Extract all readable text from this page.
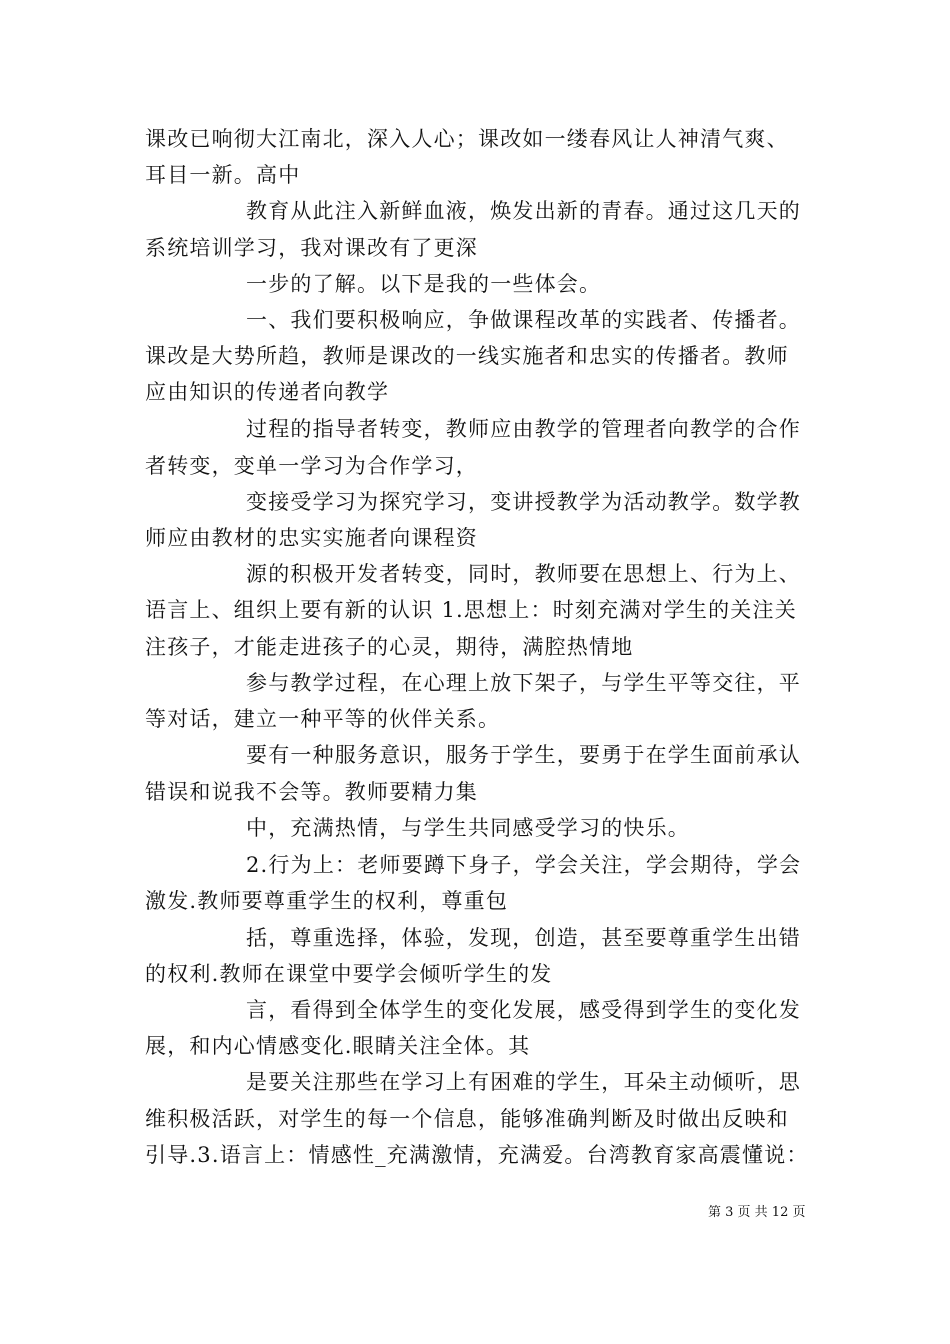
课改已响彻大江南北，深入人心；课改如一缕春风让人神清气爽、
耳目一新。高中
教育从此注入新鲜血液，焕发出新的青春。通过这几天的
系统培训学习，我对课改有了更深
一步的了解。以下是我的一些体会。
一、我们要积极响应，争做课程改革的实践者、传播者。
课改是大势所趋，教师是课改的一线实施者和忠实的传播者。教师
应由知识的传递者向教学
过程的指导者转变，教师应由教学的管理者向教学的合作
者转变，变单一学习为合作学习，
变接受学习为探究学习，变讲授教学为活动教学。数学教
师应由教材的忠实实施者向课程资
源的积极开发者转变，同时，教师要在思想上、行为上、
语言上、组织上要有新的认识 1.思想上：时刻充满对学生的关注关
注孩子，才能走进孩子的心灵，期待，满腔热情地
参与教学过程，在心理上放下架子，与学生平等交往，平
等对话，建立一种平等的伙伴关系。
要有一种服务意识，服务于学生，要勇于在学生面前承认
错误和说我不会等。教师要精力集
中，充满热情，与学生共同感受学习的快乐。
2.行为上：老师要蹲下身子，学会关注，学会期待，学会
激发.教师要尊重学生的权利，尊重包
括，尊重选择，体验，发现，创造，甚至要尊重学生出错
的权利.教师在课堂中要学会倾听学生的发
言，看得到全体学生的变化发展，感受得到学生的变化发
展，和内心情感变化.眼睛关注全体。其
是要关注那些在学习上有困难的学生，耳朵主动倾听，思
维积极活跃，对学生的每一个信息，能够准确判断及时做出反映和
引导.3.语言上：情感性_充满激情，充满爱。台湾教育家高震懂说：
第 3 页 共 12 页
